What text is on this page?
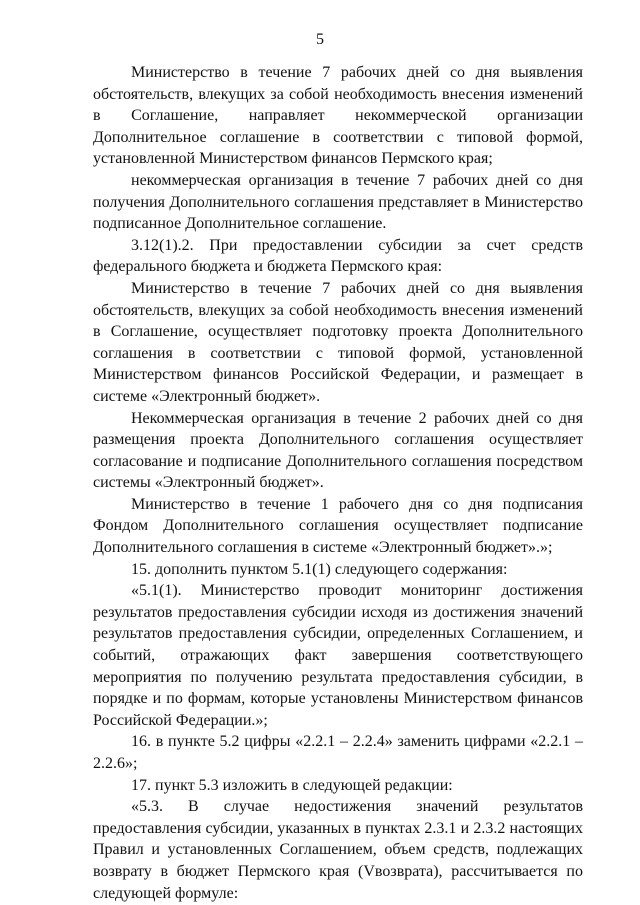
5

Министерство в течение 7 рабочих дней со дня выявления обстоятельств, влекущих за собой необходимость внесения изменений в Соглашение, направляет некоммерческой организации Дополнительное соглашение в соответствии с типовой формой, установленной Министерством финансов Пермского края;

некоммерческая организация в течение 7 рабочих дней со дня получения Дополнительного соглашения представляет в Министерство подписанное Дополнительное соглашение.

3.12(1).2. При предоставлении субсидии за счет средств федерального бюджета и бюджета Пермского края:

Министерство в течение 7 рабочих дней со дня выявления обстоятельств, влекущих за собой необходимость внесения изменений в Соглашение, осуществляет подготовку проекта Дополнительного соглашения в соответствии с типовой формой, установленной Министерством финансов Российской Федерации, и размещает в системе «Электронный бюджет».

Некоммерческая организация в течение 2 рабочих дней со дня размещения проекта Дополнительного соглашения осуществляет согласование и подписание Дополнительного соглашения посредством системы «Электронный бюджет».

Министерство в течение 1 рабочего дня со дня подписания Фондом Дополнительного соглашения осуществляет подписание Дополнительного соглашения в системе «Электронный бюджет».»;

15. дополнить пунктом 5.1(1) следующего содержания:

«5.1(1). Министерство проводит мониторинг достижения результатов предоставления субсидии исходя из достижения значений результатов предоставления субсидии, определенных Соглашением, и событий, отражающих факт завершения соответствующего мероприятия по получению результата предоставления субсидии, в порядке и по формам, которые установлены Министерством финансов Российской Федерации.»;

16. в пункте 5.2 цифры «2.2.1 – 2.2.4» заменить цифрами «2.2.1 – 2.2.6»;

17. пункт 5.3 изложить в следующей редакции:

«5.3. В случае недостижения значений результатов предоставления субсидии, указанных в пунктах 2.3.1 и 2.3.2 настоящих Правил и установленных Соглашением, объем средств, подлежащих возврату в бюджет Пермского края (Vвозврата), рассчитывается по следующей формуле:
